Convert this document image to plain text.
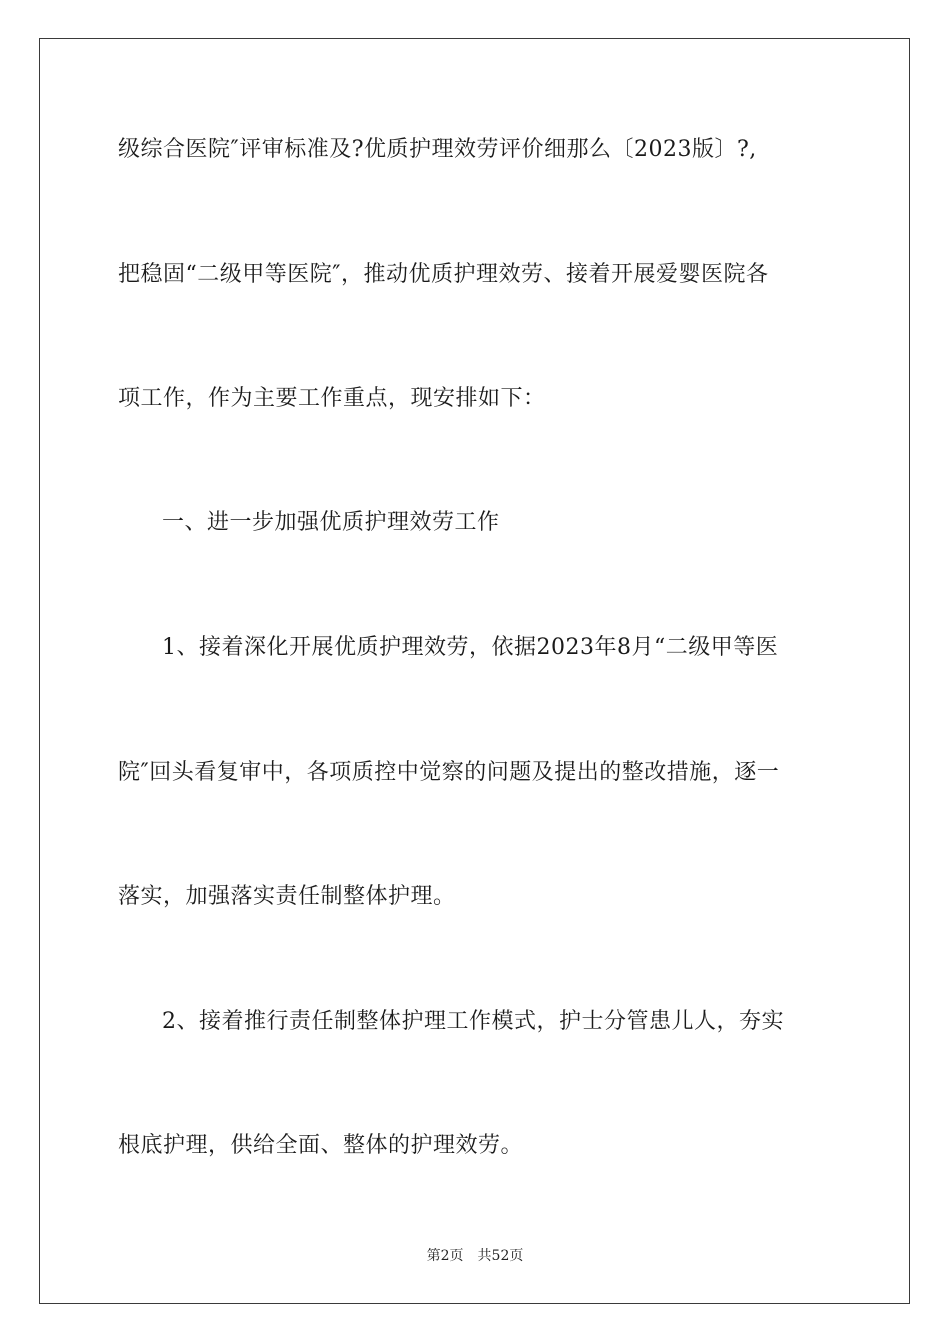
级综合医院″评审标准及?优质护理效劳评价细那么〔2023版〕?,
把稳固“二级甲等医院″，推动优质护理效劳、接着开展爱婴医院各
项工作，作为主要工作重点，现安排如下：
一、进一步加强优质护理效劳工作
1、接着深化开展优质护理效劳，依据2023年8月“二级甲等医
院″回头看复审中，各项质控中觉察的问题及提出的整改措施，逐一
落实，加强落实责任制整体护理。
2、接着推行责任制整体护理工作模式，护士分管患儿人，夯实
根底护理，供给全面、整体的护理效劳。
第2页 共52页
